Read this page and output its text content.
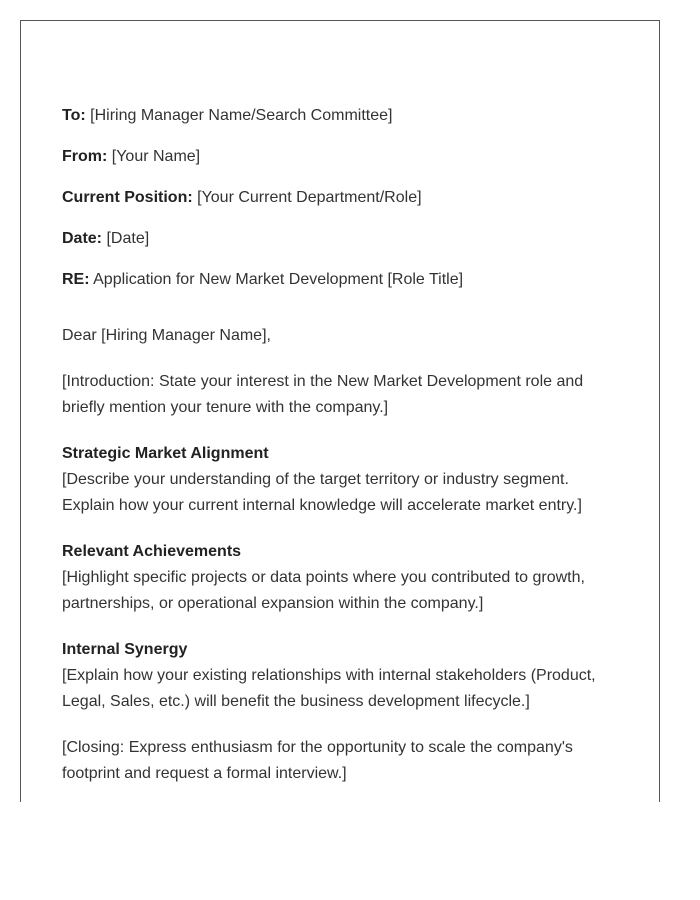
To: [Hiring Manager Name/Search Committee]

From: [Your Name]

Current Position: [Your Current Department/Role]

Date: [Date]

RE: Application for New Market Development [Role Title]

Dear [Hiring Manager Name],

[Introduction: State your interest in the New Market Development role and briefly mention your tenure with the company.]

Strategic Market Alignment

[Describe your understanding of the target territory or industry segment. Explain how your current internal knowledge will accelerate market entry.]

Relevant Achievements

[Highlight specific projects or data points where you contributed to growth, partnerships, or operational expansion within the company.]

Internal Synergy

[Explain how your existing relationships with internal stakeholders (Product, Legal, Sales, etc.) will benefit the business development lifecycle.]

[Closing: Express enthusiasm for the opportunity to scale the company's footprint and request a formal interview.]
